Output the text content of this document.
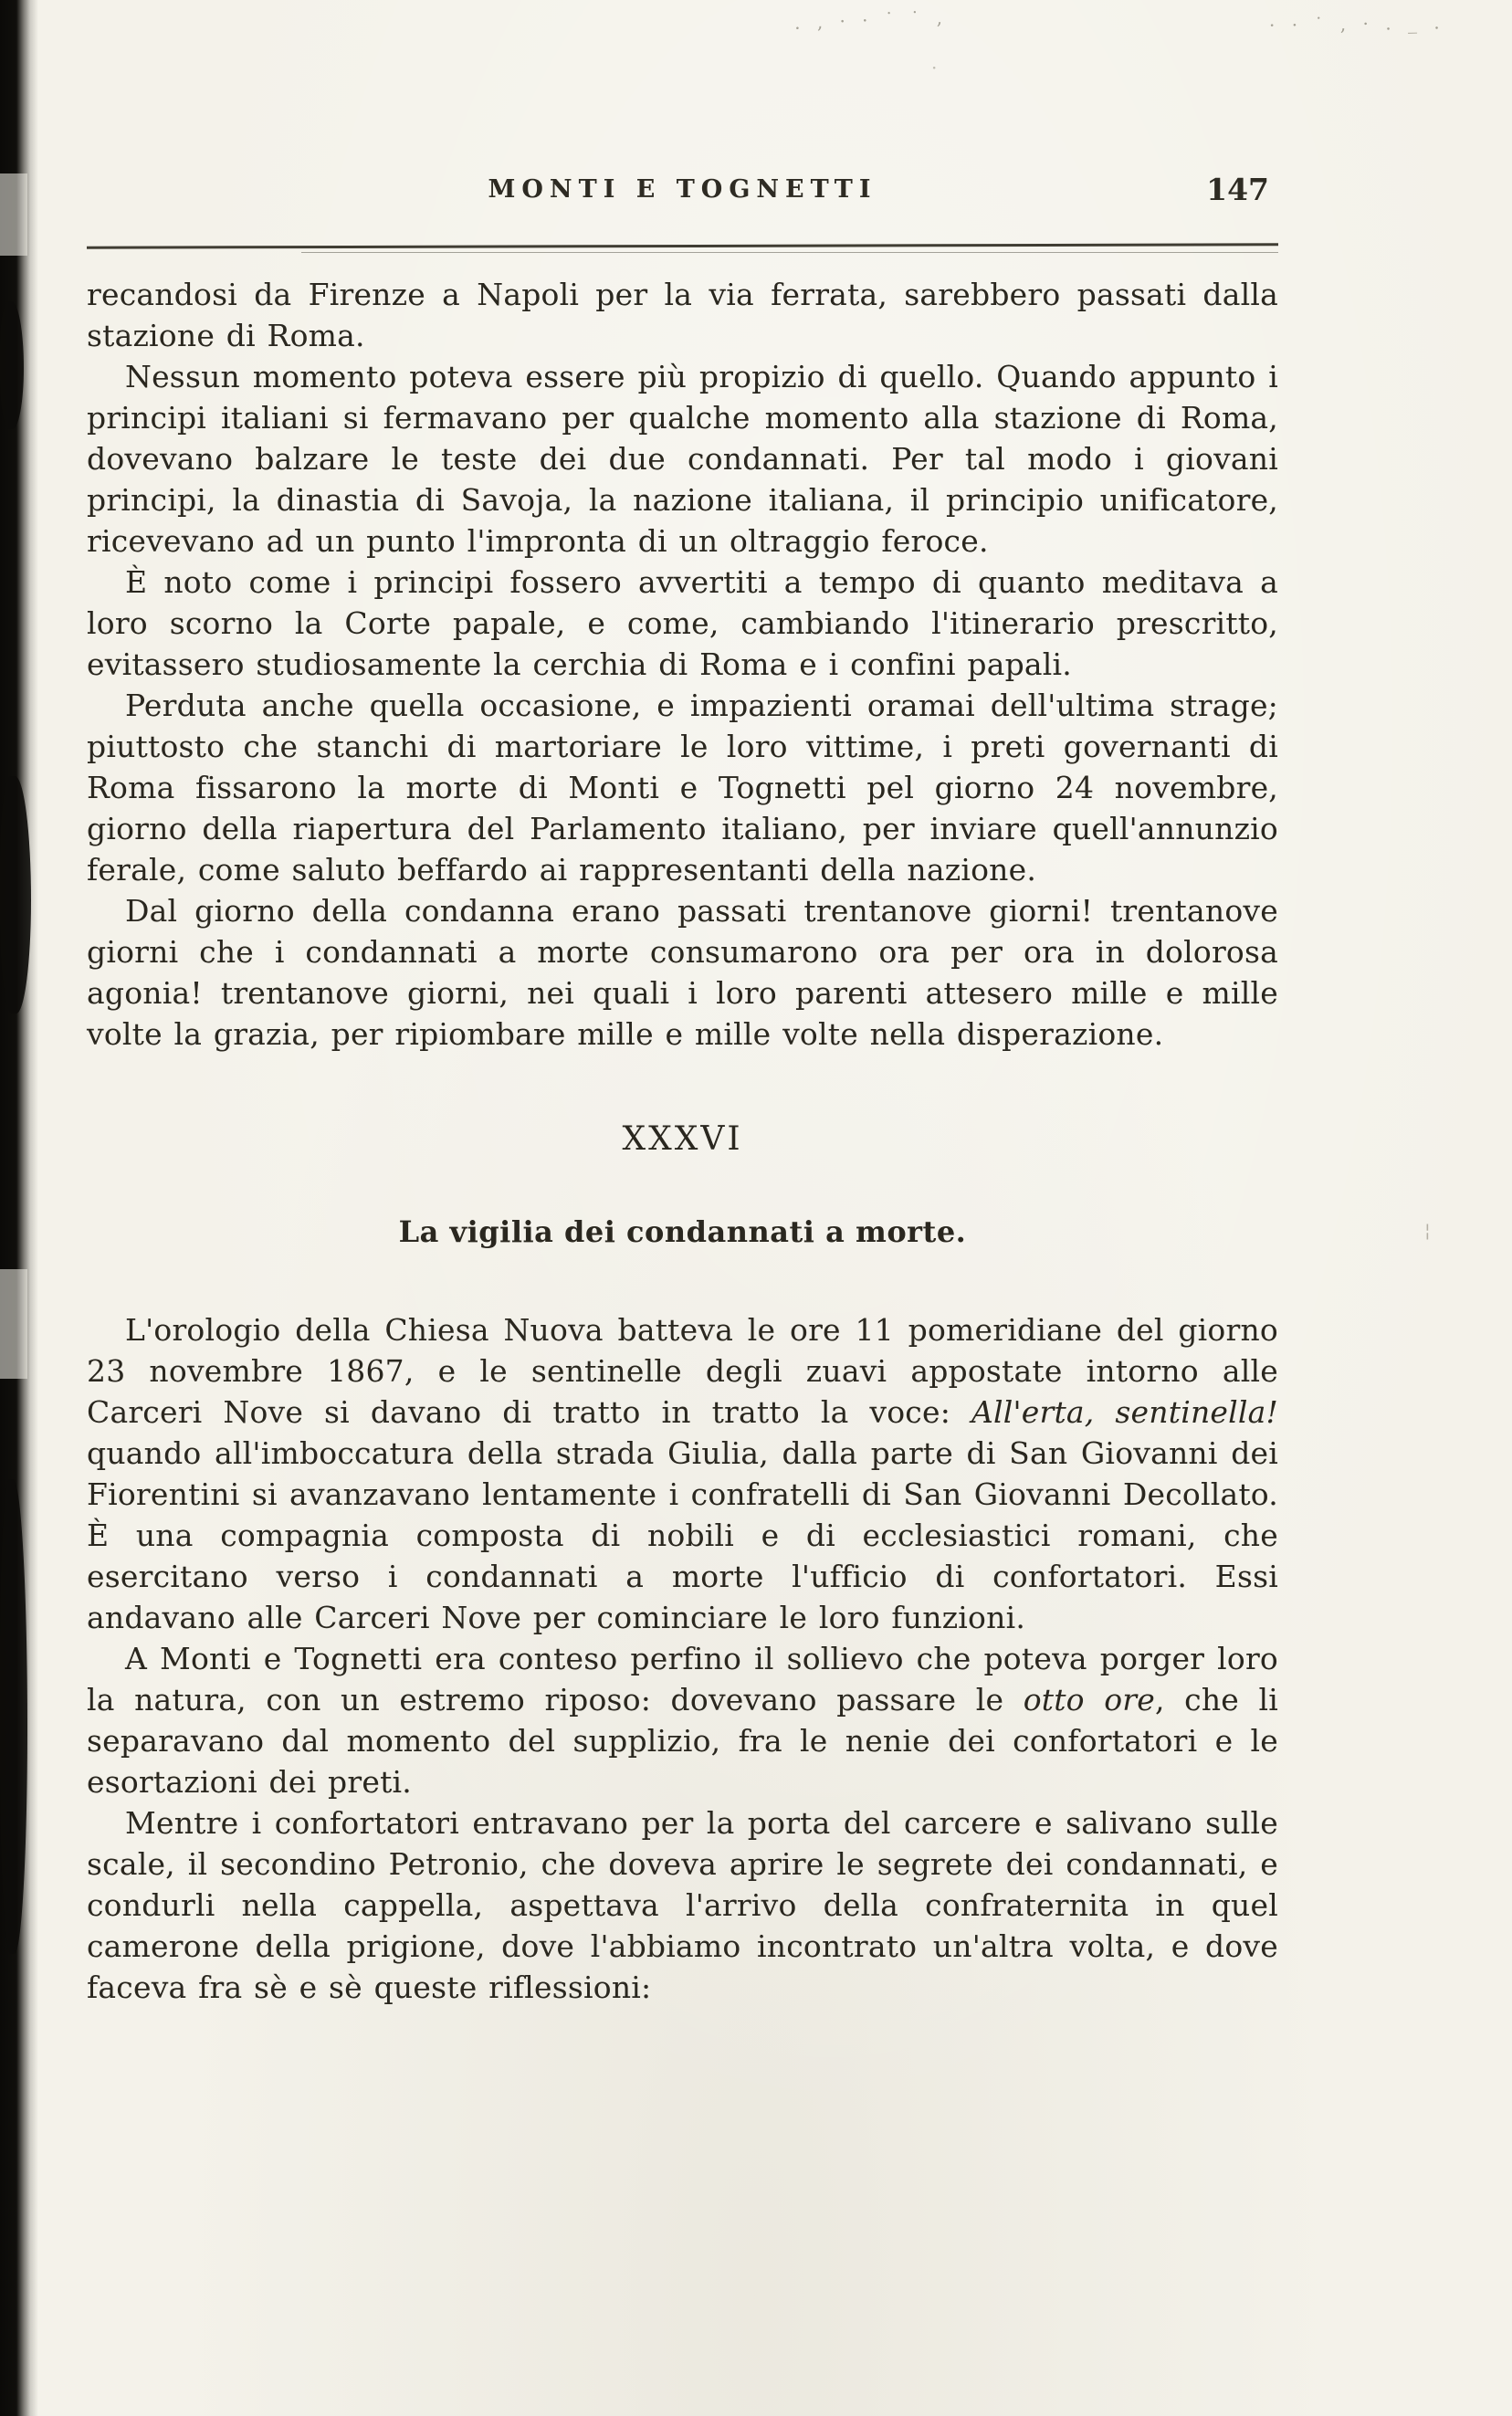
. , · · ˙ ˙ ,	· · ˙ , · . _ .
·
¦
MONTI E TOGNETTI	147

recandosi da Firenze a Napoli per la via ferrata, sarebbero passati dalla stazione di Roma.

Nessun momento poteva essere più propizio di quello. Quando appunto i principi italiani si fermavano per qualche momento alla stazione di Roma, dovevano balzare le teste dei due condannati. Per tal modo i giovani principi, la dinastia di Savoja, la nazione italiana, il principio unificatore, ricevevano ad un punto l'impronta di un oltraggio feroce.

È noto come i principi fossero avvertiti a tempo di quanto meditava a loro scorno la Corte papale, e come, cambiando l'itinerario prescritto, evitassero studiosamente la cerchia di Roma e i confini papali.

Perduta anche quella occasione, e impazienti oramai dell'ultima strage; piuttosto che stanchi di martoriare le loro vittime, i preti governanti di Roma fissarono la morte di Monti e Tognetti pel giorno 24 novembre, giorno della riapertura del Parlamento italiano, per inviare quell'annunzio ferale, come saluto beffardo ai rappresentanti della nazione.

Dal giorno della condanna erano passati trentanove giorni! trentanove giorni che i condannati a morte consumarono ora per ora in dolorosa agonia! trentanove giorni, nei quali i loro parenti attesero mille e mille volte la grazia, per ripiombare mille e mille volte nella disperazione.

XXXVI
La vigilia dei condannati a morte.

L'orologio della Chiesa Nuova batteva le ore 11 pomeridiane del giorno 23 novembre 1867, e le sentinelle degli zuavi appostate intorno alle Carceri Nove si davano di tratto in tratto la voce: All'erta, sentinella! quando all'imboccatura della strada Giulia, dalla parte di San Giovanni dei Fiorentini si avanzavano lentamente i confratelli di San Giovanni Decollato. È una compagnia composta di nobili e di ecclesiastici romani, che esercitano verso i condannati a morte l'ufficio di confortatori. Essi andavano alle Carceri Nove per cominciare le loro funzioni.

A Monti e Tognetti era conteso perfino il sollievo che poteva porger loro la natura, con un estremo riposo: dovevano passare le otto ore, che li separavano dal momento del supplizio, fra le nenie dei confortatori e le esortazioni dei preti.

Mentre i confortatori entravano per la porta del carcere e salivano sulle scale, il secondino Petronio, che doveva aprire le segrete dei condannati, e condurli nella cappella, aspettava l'arrivo della confraternita in quel camerone della prigione, dove l'abbiamo incontrato un'altra volta, e dove faceva fra sè e sè queste riflessioni:
